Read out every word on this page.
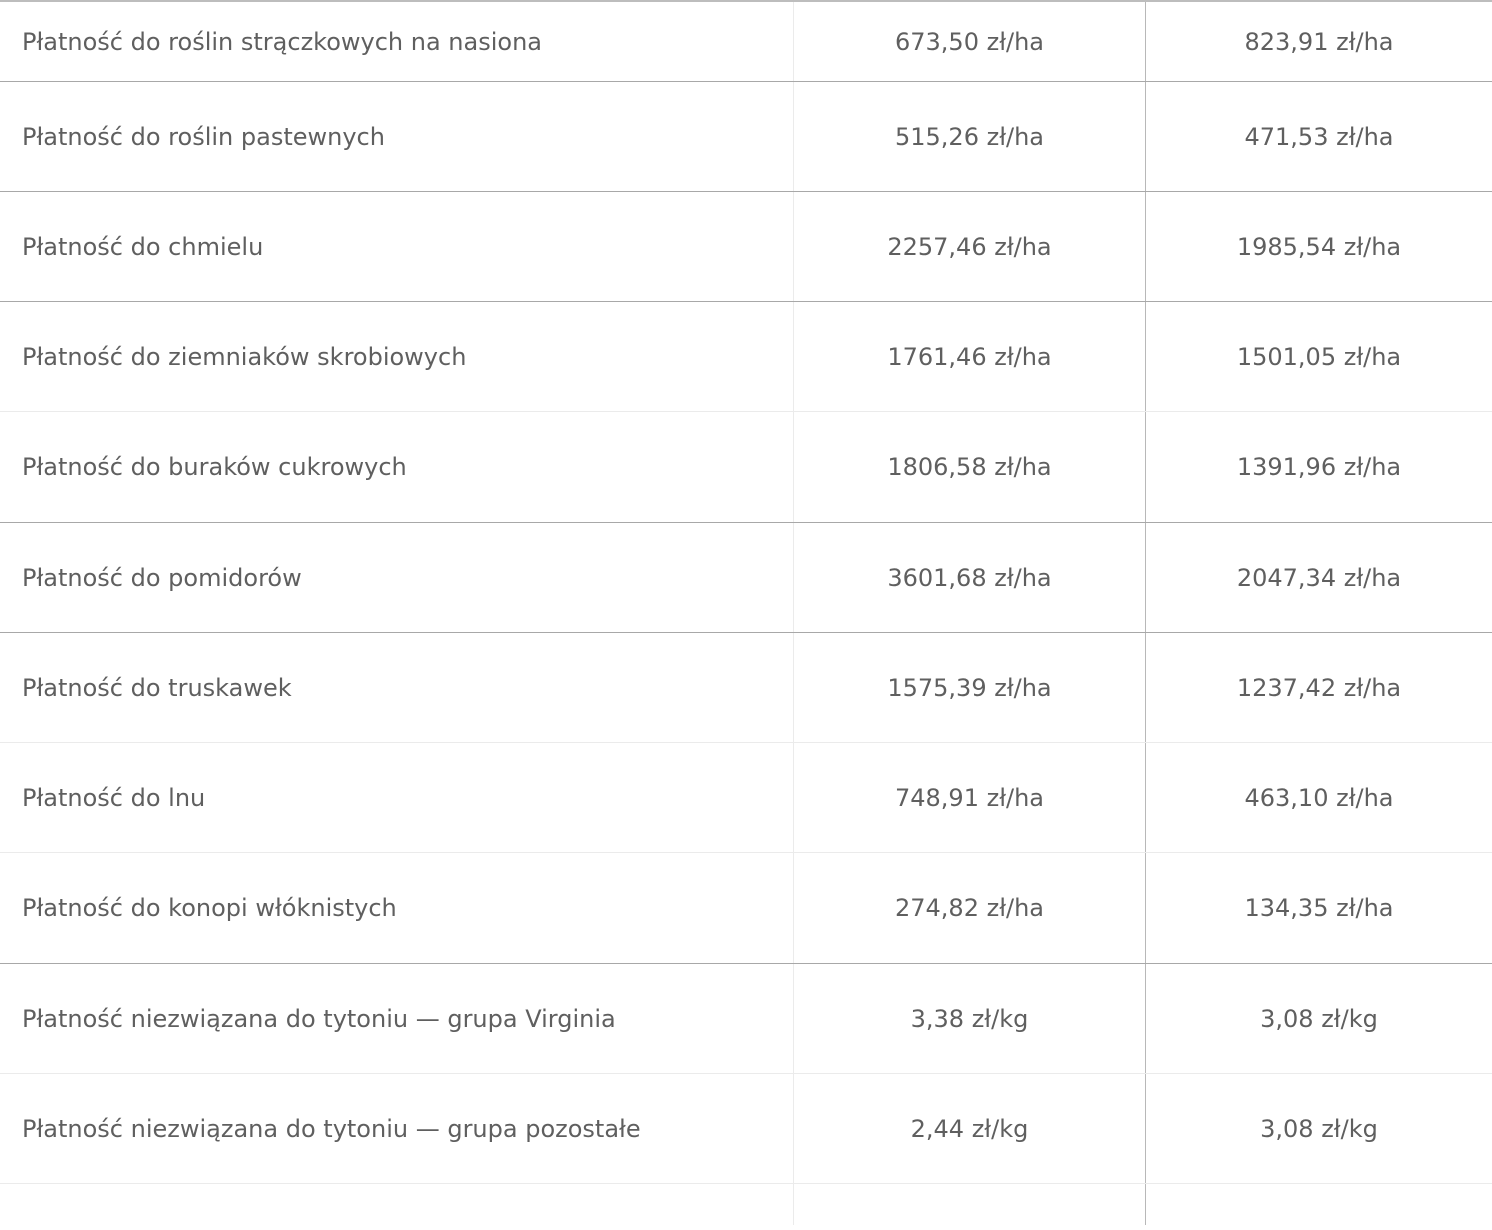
Płatność do roślin strączkowych na nasiona	673,50 zł/ha	823,91 zł/ha
Płatność do roślin pastewnych	515,26 zł/ha	471,53 zł/ha
Płatność do chmielu	2257,46 zł/ha	1985,54 zł/ha
Płatność do ziemniaków skrobiowych	1761,46 zł/ha	1501,05 zł/ha
Płatność do buraków cukrowych	1806,58 zł/ha	1391,96 zł/ha
Płatność do pomidorów	3601,68 zł/ha	2047,34 zł/ha
Płatność do truskawek	1575,39 zł/ha	1237,42 zł/ha
Płatność do lnu	748,91 zł/ha	463,10 zł/ha
Płatność do konopi włóknistych	274,82 zł/ha	134,35 zł/ha
Płatność niezwiązana do tytoniu — grupa Virginia	3,38 zł/kg	3,08 zł/kg
Płatność niezwiązana do tytoniu — grupa pozostałe	2,44 zł/kg	3,08 zł/kg
